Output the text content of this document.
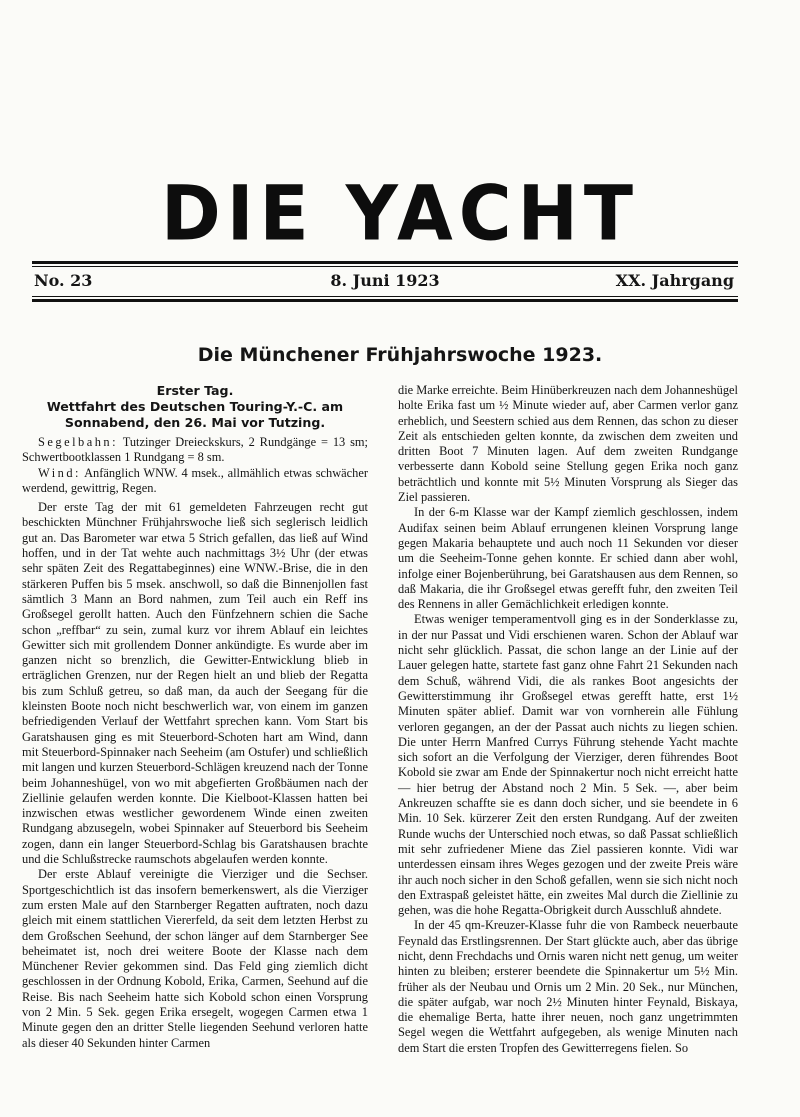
DIE YACHT
No. 23	8. Juni 1923	XX. Jahrgang
Die Münchener Frühjahrswoche 1923.
Erster Tag.
Wettfahrt des Deutschen Touring-Y.-C. am Sonnabend, den 26. Mai vor Tutzing.

Segelbahn: Tutzinger Dreieckskurs, 2 Rundgänge = 13 sm; Schwertbootklassen 1 Rundgang = 8 sm.

Wind: Anfänglich WNW. 4 msek., allmählich etwas schwächer werdend, gewittrig, Regen.

Der erste Tag der mit 61 gemeldeten Fahrzeugen recht gut beschickten Münchner Frühjahrswoche ließ sich seglerisch leidlich gut an. Das Barometer war etwa 5 Strich gefallen, das ließ auf Wind hoffen, und in der Tat wehte auch nachmittags 3½ Uhr (der etwas sehr späten Zeit des Regattabeginnes) eine WNW.-Brise, die in den stärkeren Puffen bis 5 msek. anschwoll, so daß die Binnenjollen fast sämtlich 3 Mann an Bord nahmen, zum Teil auch ein Reff ins Großsegel gerollt hatten. Auch den Fünfzehnern schien die Sache schon „reffbar“ zu sein, zumal kurz vor ihrem Ablauf ein leichtes Gewitter sich mit grollendem Donner ankündigte. Es wurde aber im ganzen nicht so brenzlich, die Gewitter-Entwicklung blieb in erträglichen Grenzen, nur der Regen hielt an und blieb der Regatta bis zum Schluß getreu, so daß man, da auch der Seegang für die kleinsten Boote noch nicht beschwerlich war, von einem im ganzen befriedigenden Verlauf der Wettfahrt sprechen kann. Vom Start bis Garatshausen ging es mit Steuerbord-Schoten hart am Wind, dann mit Steuerbord-Spinnaker nach Seeheim (am Ostufer) und schließlich mit langen und kurzen Steuerbord-Schlägen kreuzend nach der Tonne beim Johanneshügel, von wo mit abgefierten Großbäumen nach der Ziellinie gelaufen werden konnte. Die Kielboot-Klassen hatten bei inzwischen etwas westlicher gewordenem Winde einen zweiten Rundgang abzusegeln, wobei Spinnaker auf Steuerbord bis Seeheim zogen, dann ein langer Steuerbord-Schlag bis Garatshausen brachte und die Schlußstrecke raumschots abgelaufen werden konnte.

Der erste Ablauf vereinigte die Vierziger und die Sechser. Sportgeschichtlich ist das insofern bemerkenswert, als die Vierziger zum ersten Male auf den Starnberger Regatten auftraten, noch dazu gleich mit einem stattlichen Viererfeld, da seit dem letzten Herbst zu dem Großschen Seehund, der schon länger auf dem Starnberger See beheimatet ist, noch drei weitere Boote der Klasse nach dem Münchener Revier gekommen sind. Das Feld ging ziemlich dicht geschlossen in der Ordnung Kobold, Erika, Carmen, Seehund auf die Reise. Bis nach Seeheim hatte sich Kobold schon einen Vorsprung von 2 Min. 5 Sek. gegen Erika ersegelt, wogegen Carmen etwa 1 Minute gegen den an dritter Stelle liegenden Seehund verloren hatte als dieser 40 Sekunden hinter Carmen

die Marke erreichte. Beim Hinüberkreuzen nach dem Johanneshügel holte Erika fast um ½ Minute wieder auf, aber Carmen verlor ganz erheblich, und Seestern schied aus dem Rennen, das schon zu dieser Zeit als entschieden gelten konnte, da zwischen dem zweiten und dritten Boot 7 Minuten lagen. Auf dem zweiten Rundgange verbesserte dann Kobold seine Stellung gegen Erika noch ganz beträchtlich und konnte mit 5½ Minuten Vorsprung als Sieger das Ziel passieren.

In der 6-m Klasse war der Kampf ziemlich geschlossen, indem Audifax seinen beim Ablauf errungenen kleinen Vorsprung lange gegen Makaria behauptete und auch noch 11 Sekunden vor dieser um die Seeheim-Tonne gehen konnte. Er schied dann aber wohl, infolge einer Bojenberührung, bei Garatshausen aus dem Rennen, so daß Makaria, die ihr Großsegel etwas gerefft fuhr, den zweiten Teil des Rennens in aller Gemächlichkeit erledigen konnte.

Etwas weniger temperamentvoll ging es in der Sonderklasse zu, in der nur Passat und Vidi erschienen waren. Schon der Ablauf war nicht sehr glücklich. Passat, die schon lange an der Linie auf der Lauer gelegen hatte, startete fast ganz ohne Fahrt 21 Sekunden nach dem Schuß, während Vidi, die als rankes Boot angesichts der Gewitterstimmung ihr Großsegel etwas gerefft hatte, erst 1½ Minuten später ablief. Damit war von vornherein alle Fühlung verloren gegangen, an der der Passat auch nichts zu liegen schien. Die unter Herrn Manfred Currys Führung stehende Yacht machte sich sofort an die Verfolgung der Vierziger, deren führendes Boot Kobold sie zwar am Ende der Spinnakertur noch nicht erreicht hatte — hier betrug der Abstand noch 2 Min. 5 Sek. —, aber beim Ankreuzen schaffte sie es dann doch sicher, und sie beendete in 6 Min. 10 Sek. kürzerer Zeit den ersten Rundgang. Auf der zweiten Runde wuchs der Unterschied noch etwas, so daß Passat schließlich mit sehr zufriedener Miene das Ziel passieren konnte. Vidi war unterdessen einsam ihres Weges gezogen und der zweite Preis wäre ihr auch noch sicher in den Schoß gefallen, wenn sie sich nicht noch den Extraspaß geleistet hätte, ein zweites Mal durch die Ziellinie zu gehen, was die hohe Regatta-Obrigkeit durch Ausschluß ahndete.

In der 45 qm-Kreuzer-Klasse fuhr die von Rambeck neuerbaute Feynald das Erstlingsrennen. Der Start glückte auch, aber das übrige nicht, denn Frechdachs und Ornis waren nicht nett genug, um weiter hinten zu bleiben; ersterer beendete die Spinnakertur um 5½ Min. früher als der Neubau und Ornis um 2 Min. 20 Sek., nur München, die später aufgab, war noch 2½ Minuten hinter Feynald, Biskaya, die ehemalige Berta, hatte ihrer neuen, noch ganz ungetrimmten Segel wegen die Wettfahrt aufgegeben, als wenige Minuten nach dem Start die ersten Tropfen des Gewitterregens fielen. So
